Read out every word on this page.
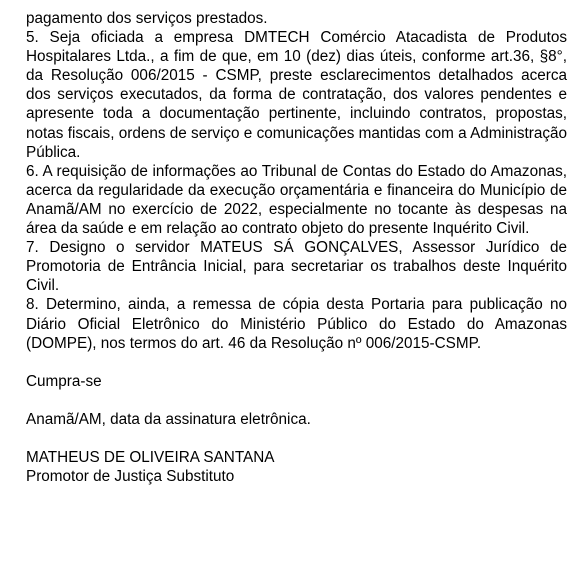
pagamento dos serviços prestados.

5. Seja oficiada a empresa DMTECH Comércio Atacadista de Produtos Hospitalares Ltda., a fim de que, em 10 (dez) dias úteis, conforme art.36, §8°, da Resolução 006/2015 - CSMP, preste esclarecimentos detalhados acerca dos serviços executados, da forma de contratação, dos valores pendentes e apresente toda a documentação pertinente, incluindo contratos, propostas, notas fiscais, ordens de serviço e comunicações mantidas com a Administração Pública.

6. A requisição de informações ao Tribunal de Contas do Estado do Amazonas, acerca da regularidade da execução orçamentária e financeira do Município de Anamã/AM no exercício de 2022, especialmente no tocante às despesas na área da saúde e em relação ao contrato objeto do presente Inquérito Civil.

7. Designo o servidor MATEUS SÁ GONÇALVES, Assessor Jurídico de Promotoria de Entrância Inicial, para secretariar os trabalhos deste Inquérito Civil.

8. Determino, ainda, a remessa de cópia desta Portaria para publicação no Diário Oficial Eletrônico do Ministério Público do Estado do Amazonas (DOMPE), nos termos do art. 46 da Resolução nº 006/2015-CSMP.

Cumpra-se

Anamã/AM, data da assinatura eletrônica.

MATHEUS DE OLIVEIRA SANTANA

Promotor de Justiça Substituto
